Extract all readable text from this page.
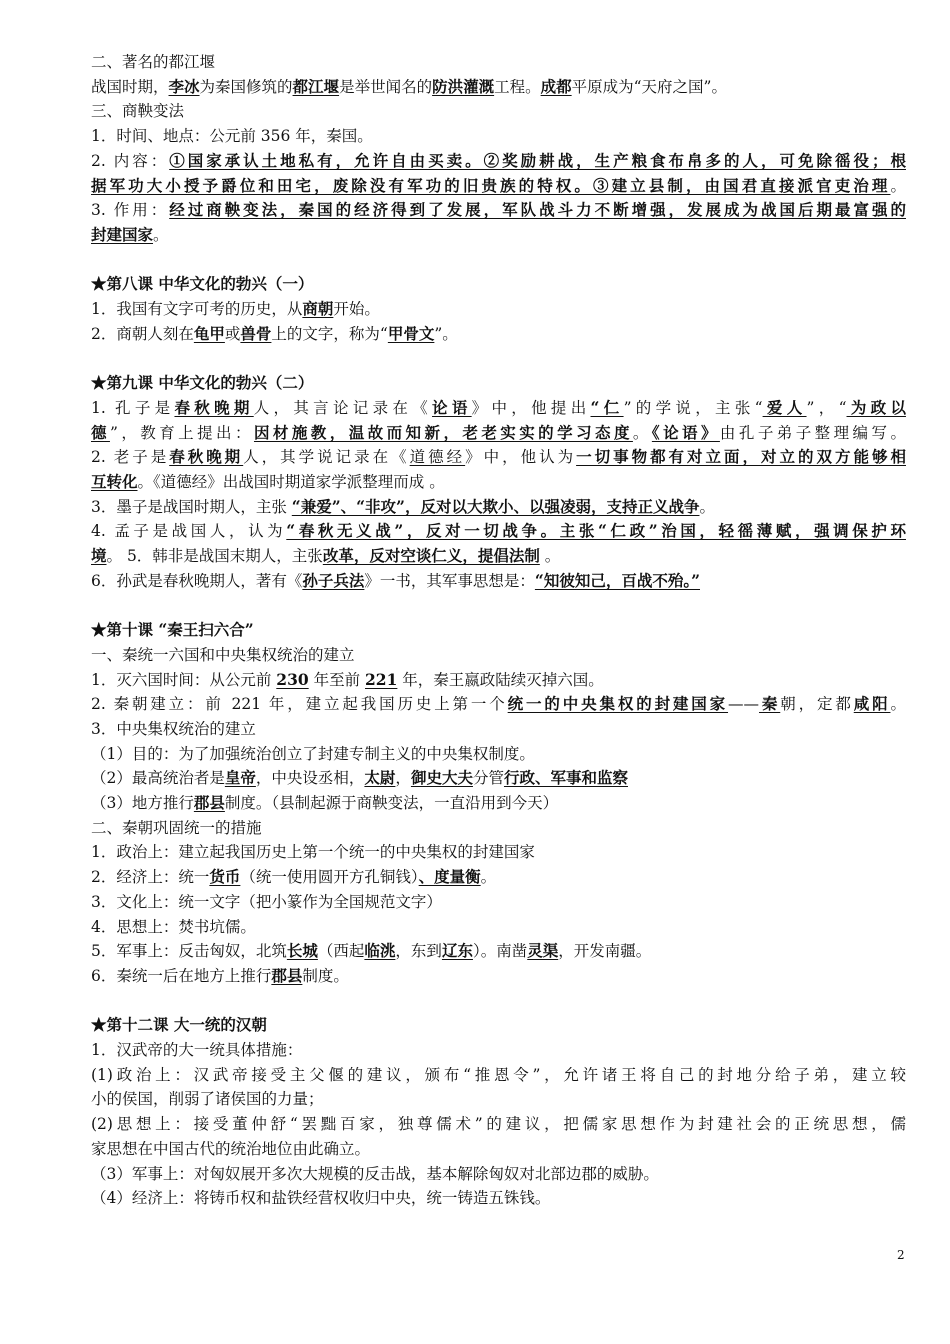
二、著名的都江堰
战国时期，李冰为秦国修筑的都江堰是举世闻名的防洪灌溉工程。成都平原成为“天府之国”。
三、商鞅变法
1．时间、地点：公元前 356 年，秦国。
2. 内容：①国家承认土地私有，允许自由买卖。②奖励耕战，生产粮食布帛多的人，可免除徭役；根
据军功大小授予爵位和田宅，废除没有军功的旧贵族的特权。③建立县制，由国君直接派官吏治理。
3. 作用：经过商鞅变法，秦国的经济得到了发展，军队战斗力不断增强，发展成为战国后期最富强的
封建国家。
★第八课 中华文化的勃兴（一）
1．我国有文字可考的历史，从商朝开始。
2．商朝人刻在龟甲或兽骨上的文字，称为“甲骨文”。
★第九课 中华文化的勃兴（二）
1. 孔子是春秋晚期人，其言论记录在《论语》中，他提出“仁”的学说，主张“爱人”，“为政以
德”，教育上提出：因材施教，温故而知新，老老实实的学习态度。《论语》由孔子弟子整理编写。
2. 老子是春秋晚期人，其学说记录在《道德经》中，他认为一切事物都有对立面，对立的双方能够相
互转化。《道德经》出战国时期道家学派整理而成 。
3．墨子是战国时期人，主张 “兼爱”、“非攻”，反对以大欺小、以强凌弱，支持正义战争。
4. 孟子是战国人，认为“春秋无义战”，反对一切战争。主张“仁政”治国，轻徭薄赋，强调保护环
境。 5．韩非是战国末期人，主张改革，反对空谈仁义，提倡法制 。
6．孙武是春秋晚期人，著有《孙子兵法》一书，其军事思想是：“知彼知己，百战不殆。”
★第十课 “秦王扫六合”
一、秦统一六国和中央集权统治的建立
1．灭六国时间：从公元前 230 年至前 221 年，秦王嬴政陆续灭掉六国。
2. 秦朝建立：前 221 年，建立起我国历史上第一个统一的中央集权的封建国家——秦朝，定都咸阳。
3．中央集权统治的建立
（1）目的：为了加强统治创立了封建专制主义的中央集权制度。
（2）最高统治者是皇帝，中央设丞相，太尉，御史大夫分管行政、军事和监察
（3）地方推行郡县制度。（县制起源于商鞅变法，一直沿用到今天）
二、秦朝巩固统一的措施
1．政治上：建立起我国历史上第一个统一的中央集权的封建国家
2．经济上：统一货币（统一使用圆开方孔铜钱）、度量衡。
3．文化上：统一文字（把小篆作为全国规范文字）
4．思想上：焚书坑儒。
5．军事上：反击匈奴，北筑长城（西起临洮，东到辽东）。南凿灵渠，开发南疆。
6．秦统一后在地方上推行郡县制度。
★第十二课 大一统的汉朝
1．汉武帝的大一统具体措施：
(1)政治上：汉武帝接受主父偃的建议，颁布“推恩令”，允许诸王将自己的封地分给子弟，建立较
小的侯国，削弱了诸侯国的力量；
(2)思想上：接受董仲舒“罢黜百家，独尊儒术”的建议，把儒家思想作为封建社会的正统思想，儒
家思想在中国古代的统治地位由此确立。
（3）军事上：对匈奴展开多次大规模的反击战，基本解除匈奴对北部边郡的威胁。
（4）经济上：将铸币权和盐铁经营权收归中央，统一铸造五铢钱。
2
